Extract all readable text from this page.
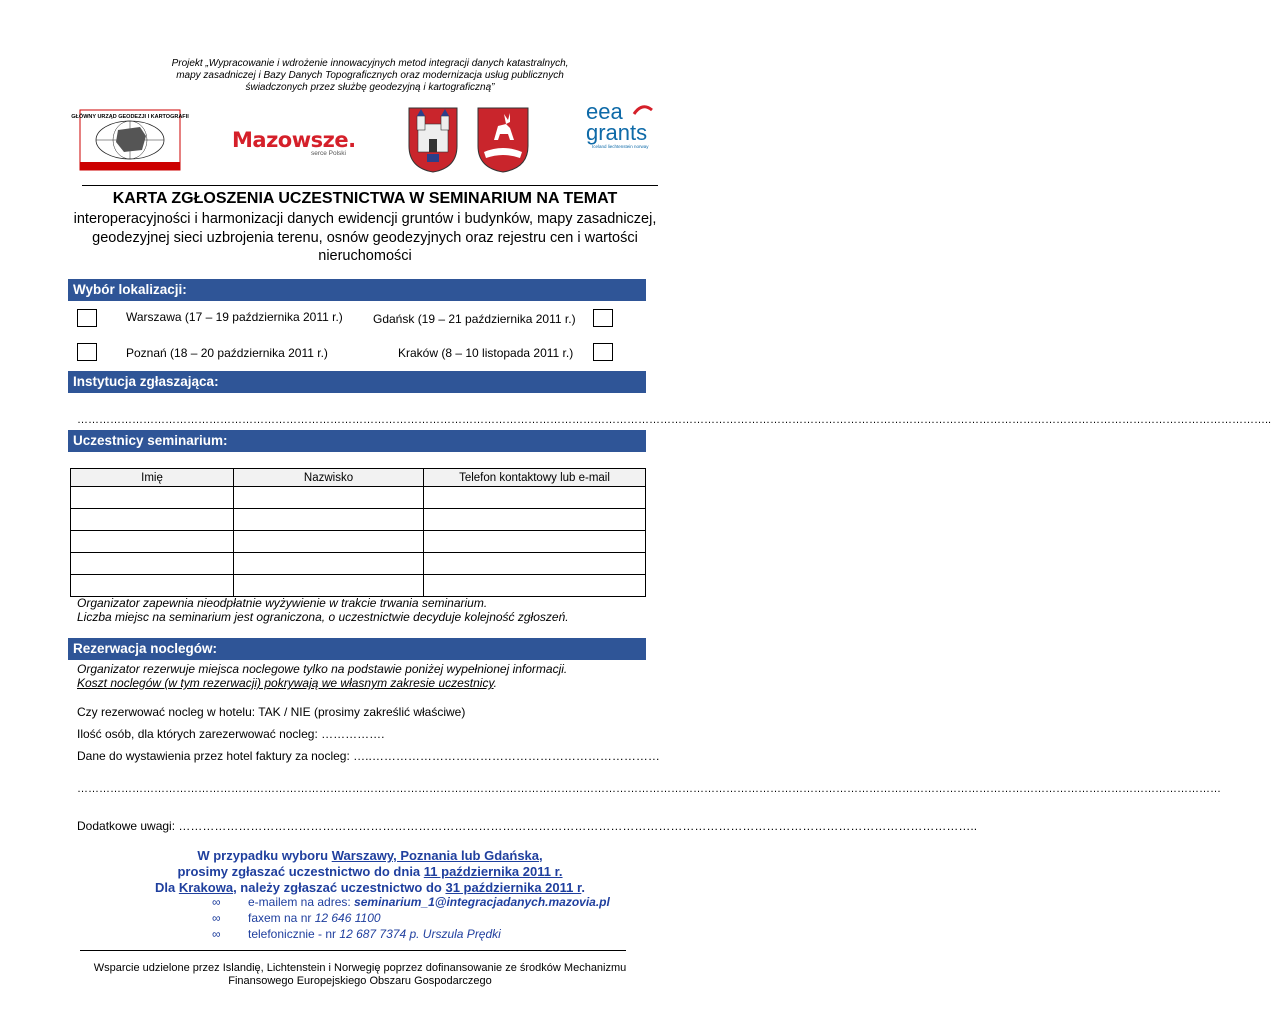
Projekt „Wypracowanie i wdrożenie innowacyjnych metod integracji danych katastralnych,
mapy zasadniczej i Bazy Danych Topograficznych oraz modernizacja usług publicznych
świadczonych przez służbę geodezyjną i kartograficzną”
GŁÓWNY URZĄD GEODEZJI I KARTOGRAFII
Mazowsze.
serce Polski
eea
grants
Iceland liechtenstein norway
KARTA ZGŁOSZENIA UCZESTNICTWA W SEMINARIUM NA TEMAT
interoperacyjności i harmonizacji danych ewidencji gruntów i budynków, mapy zasadniczej, geodezyjnej sieci uzbrojenia terenu, osnów geodezyjnych oraz rejestru cen i wartości nieruchomości
Wybór lokalizacji:
Warszawa (17 – 19 października 2011 r.)	Gdańsk (19 – 21 października 2011 r.)
Poznań (18 – 20 października 2011 r.)	Kraków (8 – 10 listopada 2011 r.)
Instytucja zgłaszająca:
………………………………………………………………………………………………………………………………………………………………………………………………………………………………………………………………………………………………..
Uczestnicy seminarium:
Imię	Nazwisko	Telefon kontaktowy lub e-mail

Organizator zapewnia nieodpłatnie wyżywienie w trakcie trwania seminarium.
Liczba miejsc na seminarium jest ograniczona, o uczestnictwie decyduje kolejność zgłoszeń.
Rezerwacja noclegów:
Organizator rezerwuje miejsca noclegowe tylko na podstawie poniżej wypełnionej informacji.
Koszt noclegów (w tym rezerwacji) pokrywają we własnym zakresie uczestnicy.
Czy rezerwować nocleg w hotelu: TAK / NIE (prosimy zakreślić właściwe)
Ilość osób, dla których zarezerwować nocleg: …………….
Dane do wystawienia przez hotel faktury za nocleg: …..………………………………………………………………
……………………………………………………………………………………………………………………………………………………………………………………………………………………………………………………………………………………
Dodatkowe uwagi: ………………………………………………………………………………………………………………………………………………………………………………..
W przypadku wyboru Warszawy, Poznania lub Gdańska,
prosimy zgłaszać uczestnictwo do dnia 11 października 2011 r.
Dla Krakowa, należy zgłaszać uczestnictwo do 31 października 2011 r.
∞ e-mailem na adres: seminarium_1@integracjadanych.mazovia.pl
∞ faxem na nr 12 646 1100
∞ telefonicznie - nr 12 687 7374 p. Urszula Prędki
Wsparcie udzielone przez Islandię, Lichtenstein i Norwegię poprzez dofinansowanie ze środków Mechanizmu
Finansowego Europejskiego Obszaru Gospodarczego
